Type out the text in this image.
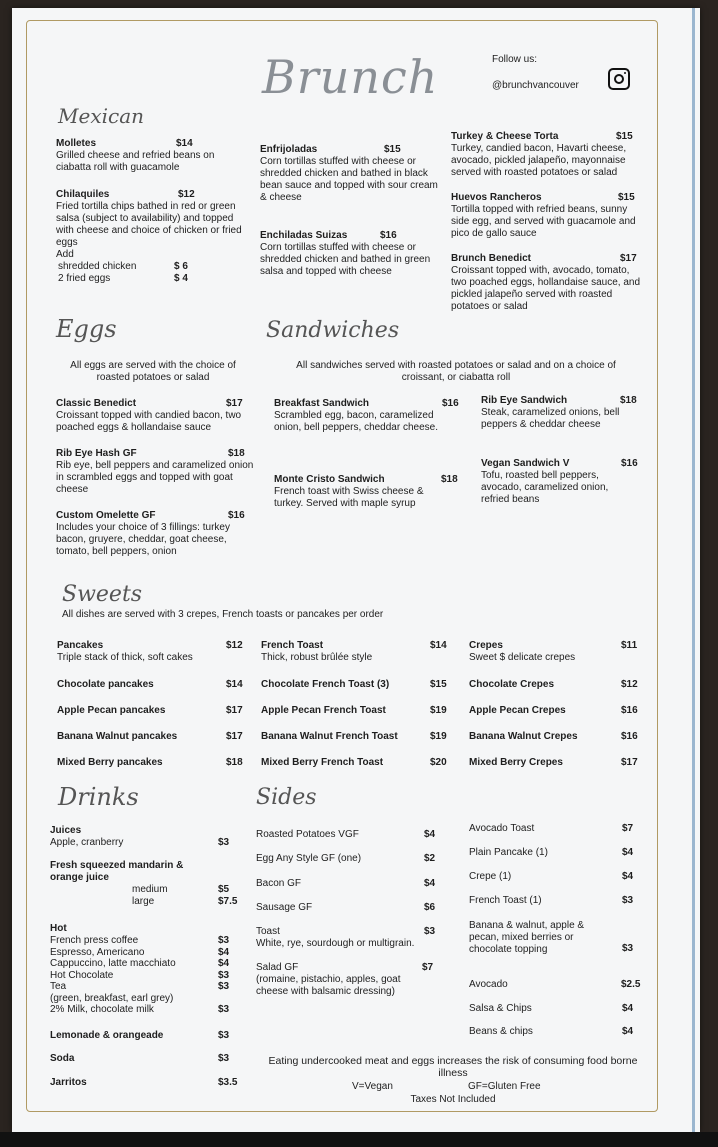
Brunch	Follow us:
@brunchvancouver
Mexican
Molletes	$14
Grilled cheese and refried beans on ciabatta roll with guacamole
Chilaquiles	$12
Fried tortilla chips bathed in red or green salsa (subject to availability) and topped with cheese and choice of chicken or fried eggs
Add
shredded chicken	$ 6
2 fried eggs	$ 4
Enfrijoladas	$15
Corn tortillas stuffed with cheese or shredded chicken and bathed in black bean sauce and topped with sour cream & cheese
Enchiladas Suizas	$16
Corn tortillas stuffed with cheese or shredded chicken and bathed in green salsa and topped with cheese
Turkey & Cheese Torta	$15
Turkey, candied bacon, Havarti cheese, avocado, pickled jalapeño, mayonnaise served with roasted potatoes or salad
Huevos Rancheros	$15
Tortilla topped with refried beans, sunny side egg, and served with guacamole and pico de gallo sauce
Brunch Benedict	$17
Croissant topped with, avocado, tomato, two poached eggs, hollandaise sauce, and pickled jalapeño served with roasted potatoes or salad
Eggs
All eggs are served with the choice of roasted potatoes or salad
Classic Benedict	$17
Croissant topped with candied bacon, two poached eggs & hollandaise sauce
Rib Eye Hash GF	$18
Rib eye, bell peppers and caramelized onion in scrambled eggs and topped with goat cheese
Custom Omelette GF	$16
Includes your choice of 3 fillings: turkey bacon, gruyere, cheddar, goat cheese, tomato, bell peppers, onion
Sandwiches
All sandwiches served with roasted potatoes or salad and on a choice of croissant, or ciabatta roll
Breakfast Sandwich	$16
Scrambled egg, bacon, caramelized onion, bell peppers, cheddar cheese.
Monte Cristo Sandwich	$18
French toast with Swiss cheese & turkey. Served with maple syrup
Rib Eye Sandwich	$18
Steak, caramelized onions, bell peppers & cheddar cheese
Vegan Sandwich V	$16
Tofu, roasted bell peppers, avocado, caramelized onion, refried beans
Sweets
All dishes are served with 3 crepes, French toasts or pancakes per order
Pancakes	$12
Triple stack of thick, soft cakes
Chocolate pancakes	$14
Apple Pecan pancakes	$17
Banana Walnut pancakes	$17
Mixed Berry pancakes	$18
French Toast	$14
Thick, robust brûlée style
Chocolate French Toast (3)	$15
Apple Pecan French Toast	$19
Banana Walnut French Toast	$19
Mixed Berry French Toast	$20
Crepes	$11
Sweet $ delicate crepes
Chocolate Crepes	$12
Apple Pecan Crepes	$16
Banana Walnut Crepes	$16
Mixed Berry Crepes	$17
Drinks
Juices
Apple, cranberry	$3
Fresh squeezed mandarin & orange juice
medium	$5
large	$7.5
Hot
French press coffee	$3
Espresso, Americano	$4
Cappuccino, latte macchiato	$4
Hot Chocolate	$3
Tea	$3
(green, breakfast, earl grey)
2% Milk, chocolate milk	$3
Lemonade & orangeade	$3
Soda	$3
Jarritos	$3.5
Sides
Roasted Potatoes VGF	$4
Egg Any Style GF (one)	$2
Bacon GF	$4
Sausage GF	$6
Toast	$3
White, rye, sourdough or multigrain.
Salad GF	$7
(romaine, pistachio, apples, goat cheese with balsamic dressing)
Avocado Toast	$7
Plain Pancake (1)	$4
Crepe (1)	$4
French Toast (1)	$3
Banana & walnut, apple & pecan, mixed berries or chocolate topping	$3
Avocado	$2.5
Salsa & Chips	$4
Beans & chips	$4
Eating undercooked meat and eggs increases the risk of consuming food borne illness
V=Vegan	GF=Gluten Free
Taxes Not Included
